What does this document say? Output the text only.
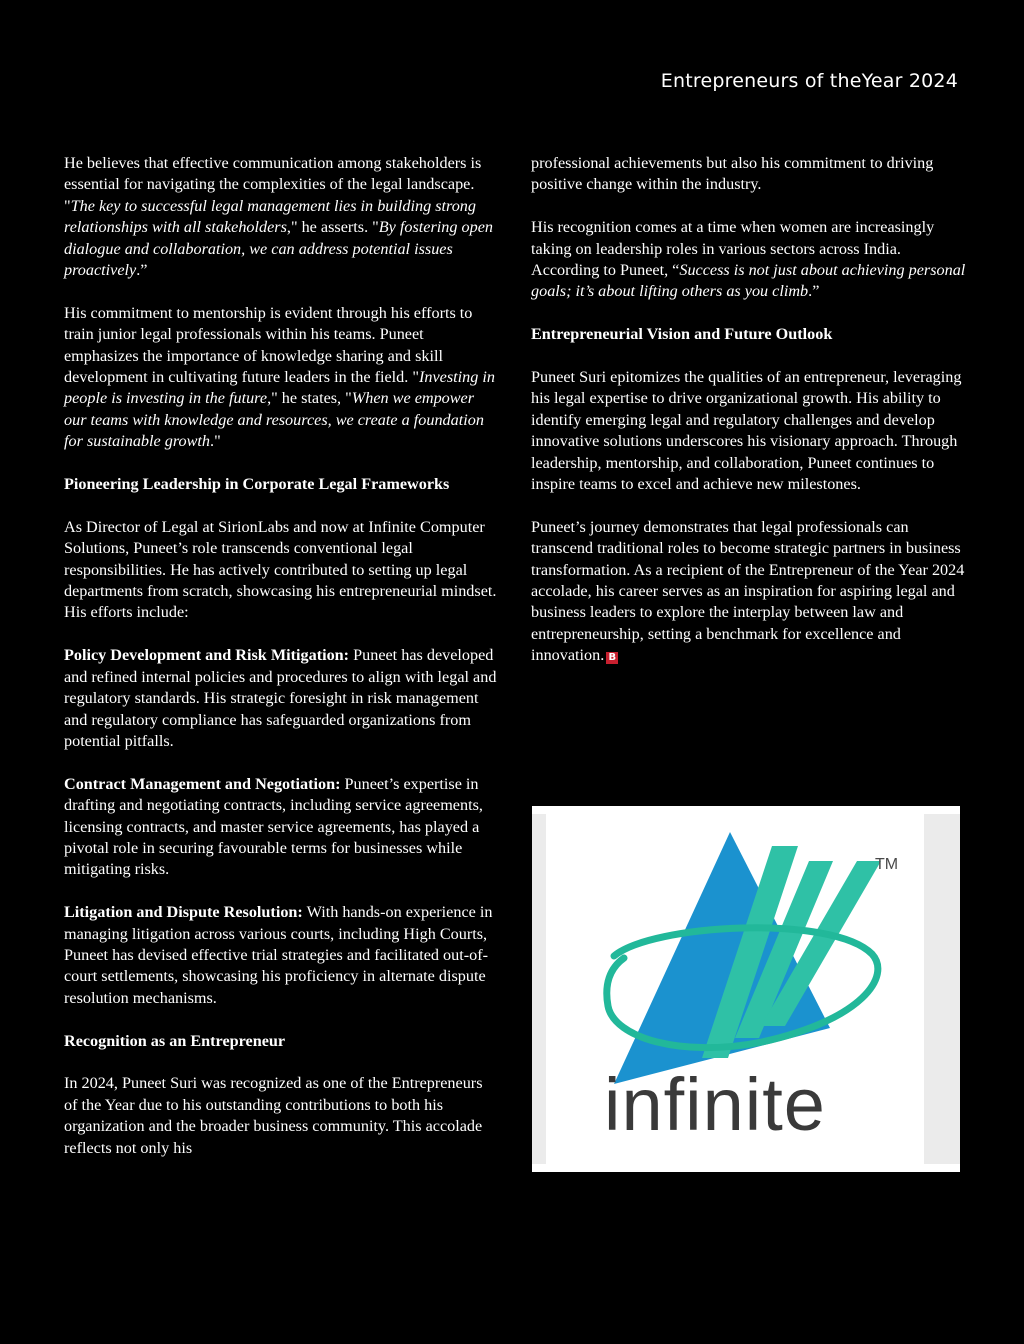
Entrepreneurs of theYear 2024

He believes that effective communication among stakeholders is essential for navigating the complexities of the legal landscape. "The key to successful legal management lies in building strong relationships with all stakeholders," he asserts. "By fostering open dialogue and collaboration, we can address potential issues proactively.”

His commitment to mentorship is evident through his efforts to train junior legal professionals within his teams. Puneet emphasizes the importance of knowledge sharing and skill development in cultivating future leaders in the field. "Investing in people is investing in the future," he states, "When we empower our teams with knowledge and resources, we create a foundation for sustainable growth."

Pioneering Leadership in Corporate Legal Frameworks

As Director of Legal at SirionLabs and now at Infinite Computer Solutions, Puneet’s role transcends conventional legal responsibilities. He has actively contributed to setting up legal departments from scratch, showcasing his entrepreneurial mindset. His efforts include:

Policy Development and Risk Mitigation: Puneet has developed and refined internal policies and procedures to align with legal and regulatory standards. His strategic foresight in risk management and regulatory compliance has safeguarded organizations from potential pitfalls.

Contract Management and Negotiation: Puneet’s expertise in drafting and negotiating contracts, including service agreements, licensing contracts, and master service agreements, has played a pivotal role in securing favourable terms for businesses while mitigating risks.

Litigation and Dispute Resolution: With hands-on experience in managing litigation across various courts, including High Courts, Puneet has devised effective trial strategies and facilitated out-of-court settlements, showcasing his proficiency in alternate dispute resolution mechanisms.

Recognition as an Entrepreneur

In 2024, Puneet Suri was recognized as one of the Entrepreneurs of the Year due to his outstanding contributions to both his organization and the broader business community. This accolade reflects not only his

professional achievements but also his commitment to driving positive change within the industry.

His recognition comes at a time when women are increasingly taking on leadership roles in various sectors across India. According to Puneet, “Success is not just about achieving personal goals; it’s about lifting others as you climb.”

Entrepreneurial Vision and Future Outlook

Puneet Suri epitomizes the qualities of an entrepreneur, leveraging his legal expertise to drive organizational growth. His ability to identify emerging legal and regulatory challenges and develop innovative solutions underscores his visionary approach. Through leadership, mentorship, and collaboration, Puneet continues to inspire teams to excel and achieve new milestones.

Puneet’s journey demonstrates that legal professionals can transcend traditional roles to become strategic partners in business transformation. As a recipient of the Entrepreneur of the Year 2024 accolade, his career serves as an inspiration for aspiring legal and business leaders to explore the interplay between law and entrepreneurship, setting a benchmark for excellence and innovation. B

TM
infinite
